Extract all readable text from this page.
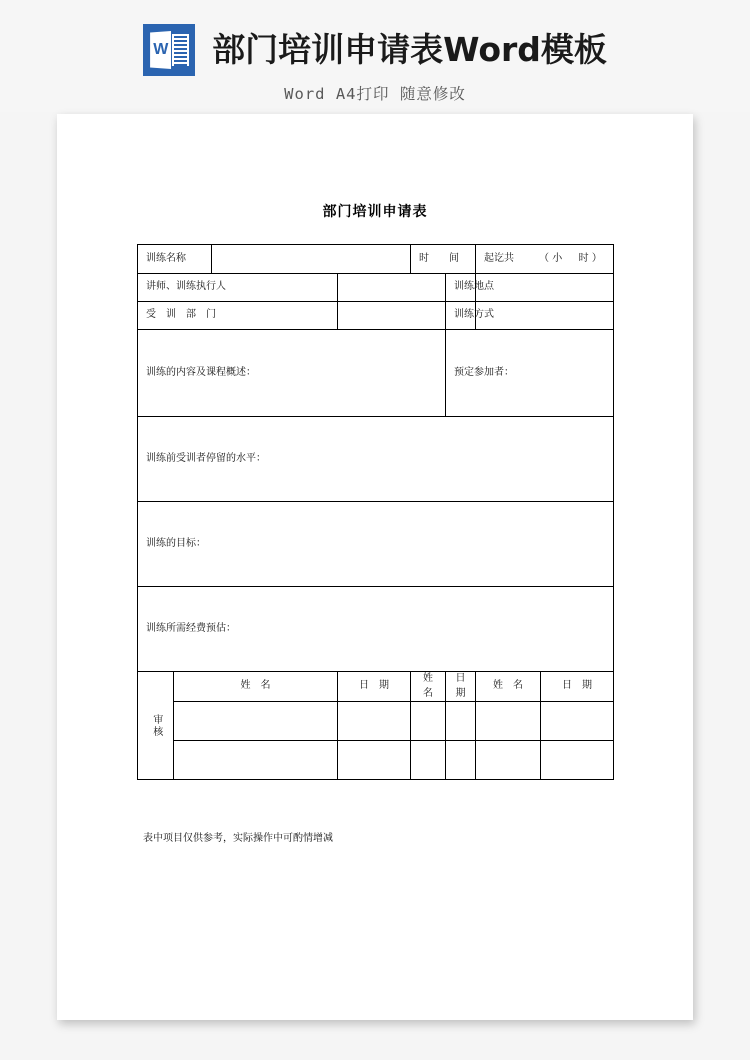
W 部门培训申请表Word模板
Word A4打印 随意修改
部门培训申请表
训练名称				时　　间		起讫共 （小　时）	

讲师、训练执行人					训练地点		
受　训　部　门					训练方式		
训练的内容及课程概述：					预定参加者：		
训练前受训者停留的水平：							
训练的目标：							
训练所需经费预估：							
审核	姓　名		日　期	姓　名	日　期	姓　名	日　期

表中项目仅供参考，实际操作中可酌情增减
